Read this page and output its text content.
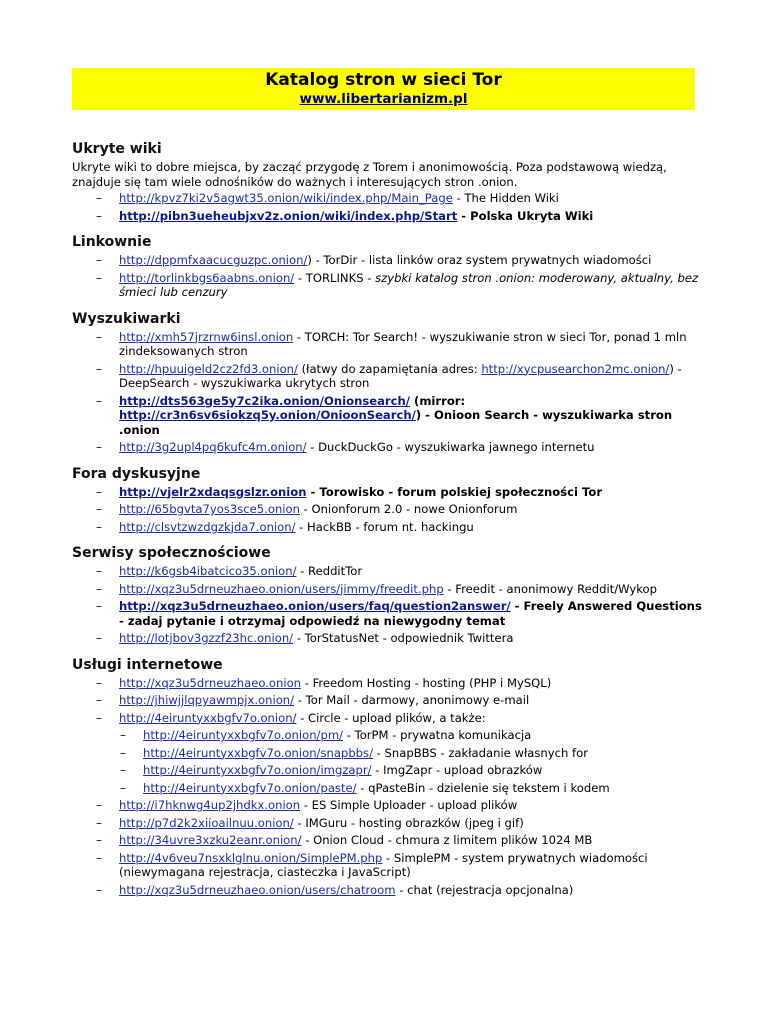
Katalog stron w sieci Tor
www.libertarianizm.pl
Ukryte wiki

Ukryte wiki to dobre miejsca, by zacząć przygodę z Torem i anonimowością. Poza podstawową wiedzą, znajduje się tam wiele odnośników do ważnych i interesujących stron .onion.

– http://kpvz7ki2v5agwt35.onion/wiki/index.php/Main_Page - The Hidden Wiki
– http://pibn3ueheubjxv2z.onion/wiki/index.php/Start - Polska Ukryta Wiki
Linkownie
– http://dppmfxaacucguzpc.onion/) - TorDir - lista linków oraz system prywatnych wiadomości
– http://torlinkbgs6aabns.onion/ - TORLINKS - szybki katalog stron .onion: moderowany, aktualny, bez śmieci lub cenzury
Wyszukiwarki
– http://xmh57jrzrnw6insl.onion - TORCH: Tor Search! - wyszukiwanie stron w sieci Tor, ponad 1 mln zindeksowanych stron
– http://hpuuigeld2cz2fd3.onion/ (łatwy do zapamiętania adres: http://xycpusearchon2mc.onion/) - DeepSearch - wyszukiwarka ukrytych stron
– http://dts563ge5y7c2ika.onion/Onionsearch/ (mirror: http://cr3n6sv6siokzq5y.onion/OnioonSearch/) - Onioon Search - wyszukiwarka stron .onion
– http://3g2upl4pq6kufc4m.onion/ - DuckDuckGo - wyszukiwarka jawnego internetu
Fora dyskusyjne
– http://vjelr2xdaqsgslzr.onion - Torowisko - forum polskiej społeczności Tor
– http://65bgvta7yos3sce5.onion - Onionforum 2.0 - nowe Onionforum
– http://clsvtzwzdgzkjda7.onion/ - HackBB - forum nt. hackingu
Serwisy społecznościowe
– http://k6gsb4ibatcico35.onion/ - RedditTor
– http://xqz3u5drneuzhaeo.onion/users/jimmy/freedit.php - Freedit - anonimowy Reddit/Wykop
– http://xqz3u5drneuzhaeo.onion/users/faq/question2answer/ - Freely Answered Questions - zadaj pytanie i otrzymaj odpowiedź na niewygodny temat
– http://lotjbov3gzzf23hc.onion/ - TorStatusNet - odpowiednik Twittera
Usługi internetowe
– http://xqz3u5drneuzhaeo.onion - Freedom Hosting - hosting (PHP i MySQL)
– http://jhiwjjlqpyawmpjx.onion/ - Tor Mail - darmowy, anonimowy e-mail
– http://4eiruntyxxbgfv7o.onion/ - Circle - upload plików, a także:
– http://4eiruntyxxbgfv7o.onion/pm/ - TorPM - prywatna komunikacja
– http://4eiruntyxxbgfv7o.onion/snapbbs/ - SnapBBS - zakładanie własnych for
– http://4eiruntyxxbgfv7o.onion/imgzapr/ - ImgZapr - upload obrazków
– http://4eiruntyxxbgfv7o.onion/paste/ - qPasteBin - dzielenie się tekstem i kodem
– http://i7hknwg4up2jhdkx.onion - ES Simple Uploader - upload plików
– http://p7d2k2xiioailnuu.onion/ - IMGuru - hosting obrazków (jpeg i gif)
– http://34uvre3xzku2eanr.onion/ - Onion Cloud - chmura z limitem plików 1024 MB
– http://4v6veu7nsxklglnu.onion/SimplePM.php - SimplePM - system prywatnych wiadomości (niewymagana rejestracja, ciasteczka i JavaScript)
– http://xqz3u5drneuzhaeo.onion/users/chatroom - chat (rejestracja opcjonalna)
